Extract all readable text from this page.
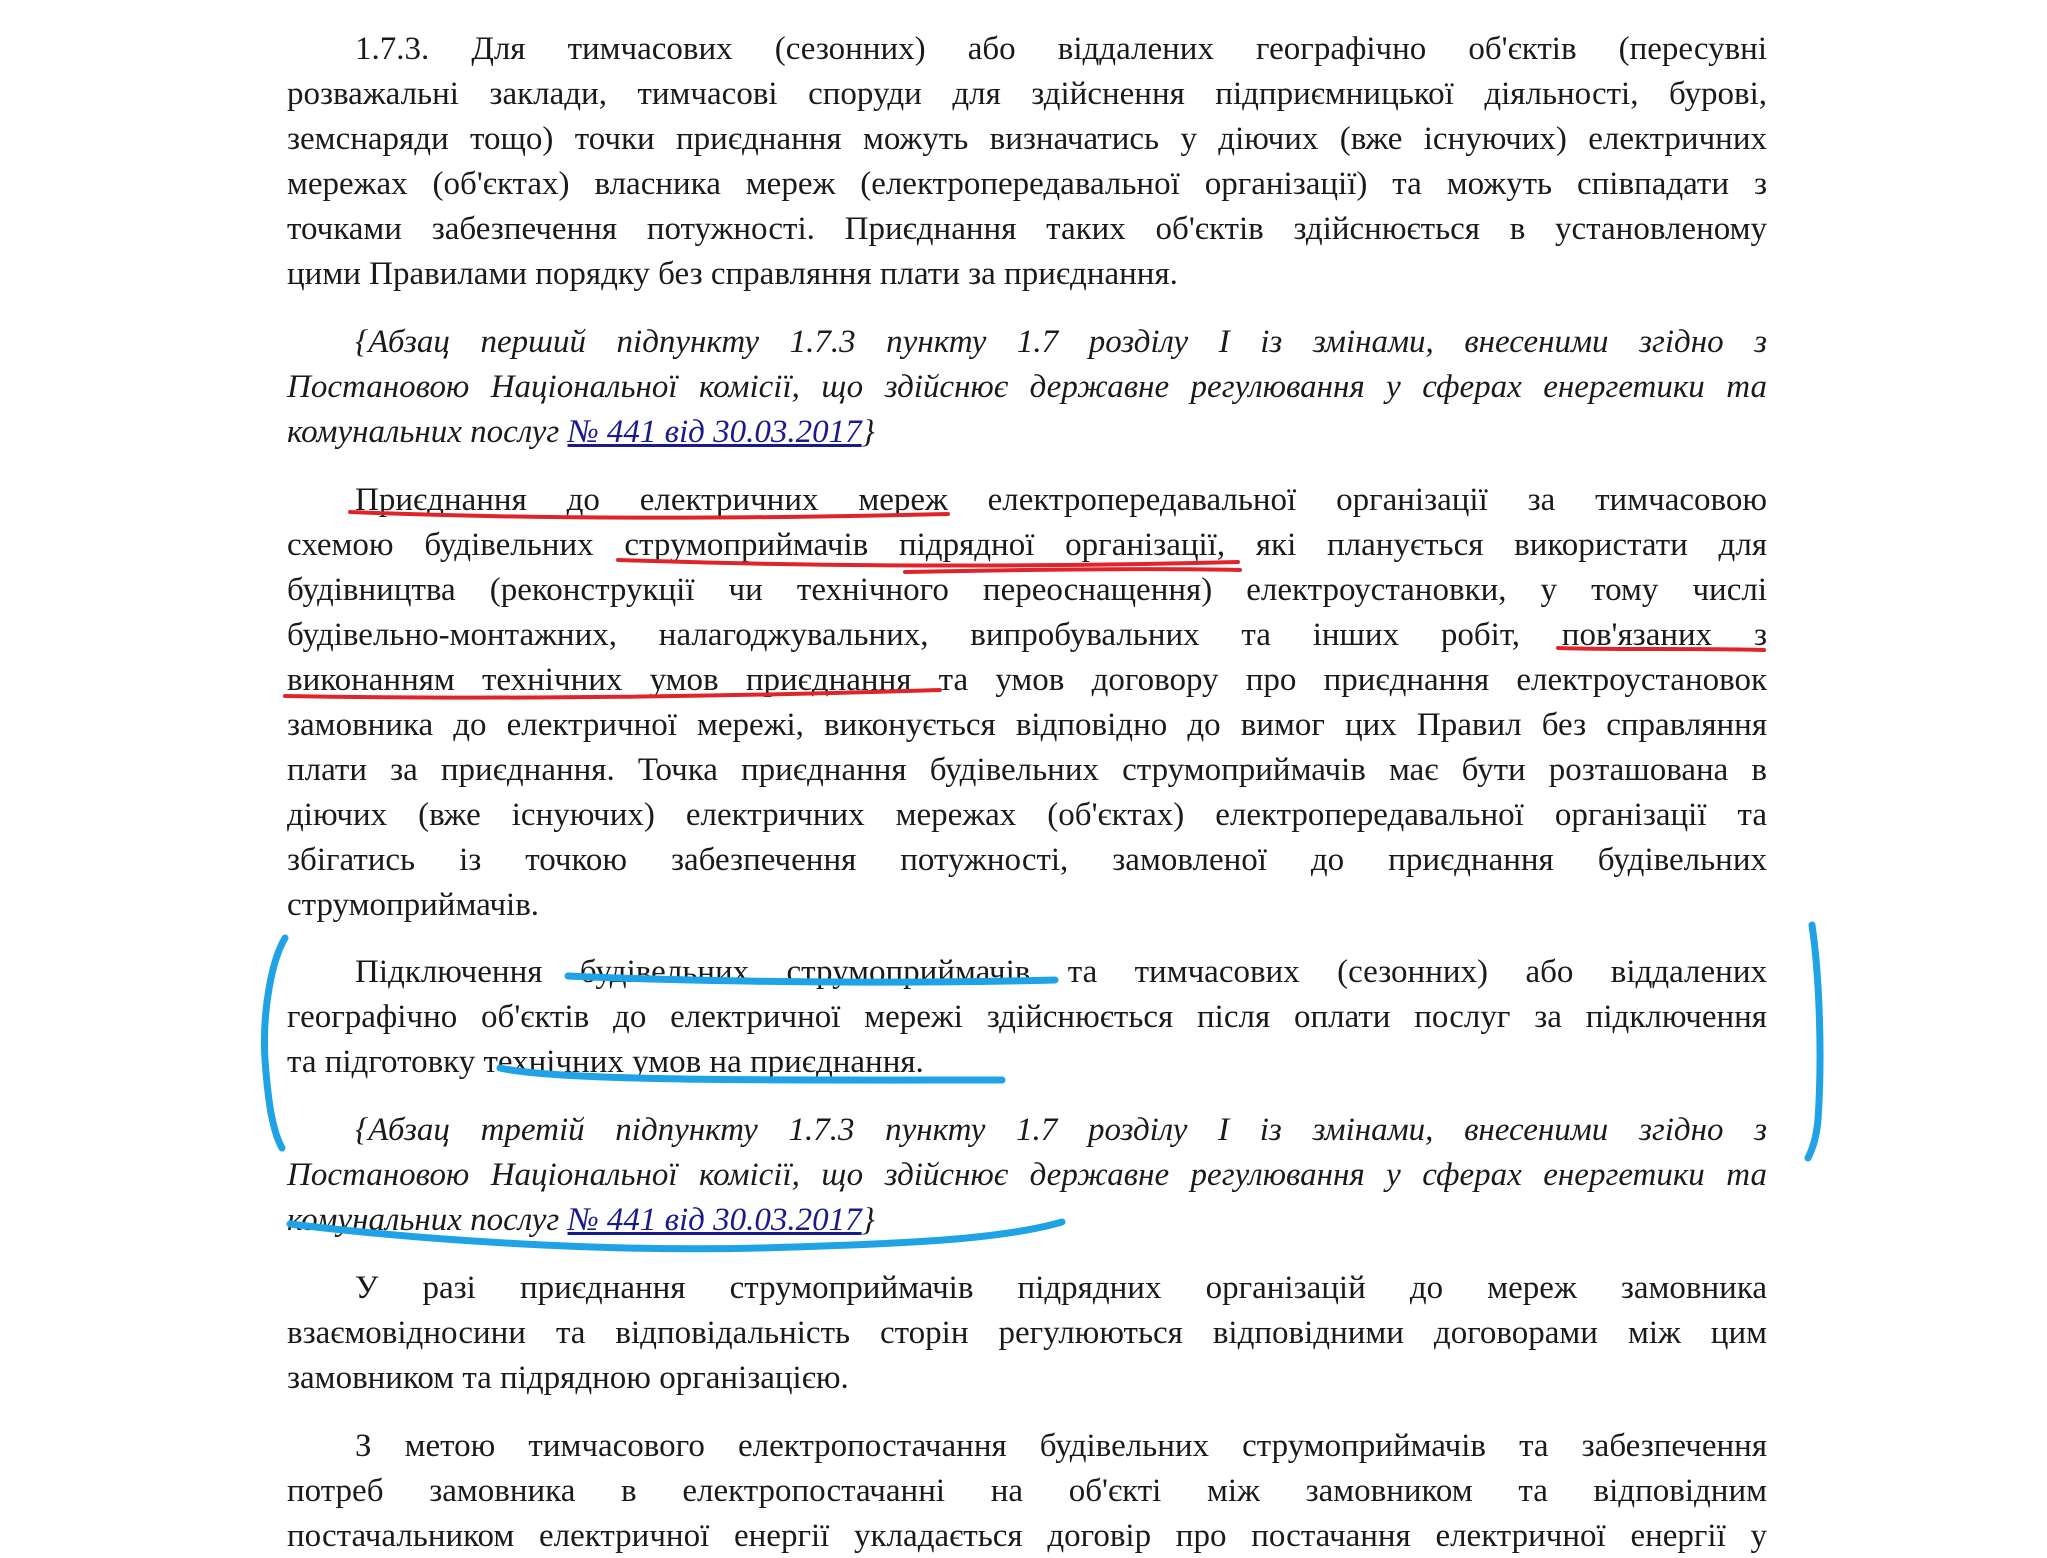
1.7.3. Для тимчасових (сезонних) або віддалених географічно об'єктів (пересувні
розважальні заклади, тимчасові споруди для здійснення підприємницької діяльності, бурові,
земснаряди тощо) точки приєднання можуть визначатись у діючих (вже існуючих) електричних
мережах (об'єктах) власника мереж (електропередавальної організації) та можуть співпадати з
точками забезпечення потужності. Приєднання таких об'єктів здійснюється в установленому
цими Правилами порядку без справляння плати за приєднання.
{Абзац перший підпункту 1.7.3 пункту 1.7 розділу I із змінами, внесеними згідно з
Постановою Національної комісії, що здійснює державне регулювання у сферах енергетики та
комунальних послуг № 441 від 30.03.2017}
Приєднання до електричних мереж електропередавальної організації за тимчасовою
схемою будівельних струмоприймачів підрядної організації, які планується використати для
будівництва (реконструкції чи технічного переоснащення) електроустановки, у тому числі
будівельно-монтажних, налагоджувальних, випробувальних та інших робіт, пов'язаних з
виконанням технічних умов приєднання та умов договору про приєднання електроустановок
замовника до електричної мережі, виконується відповідно до вимог цих Правил без справляння
плати за приєднання. Точка приєднання будівельних струмоприймачів має бути розташована в
діючих (вже існуючих) електричних мережах (об'єктах) електропередавальної організації та
збігатись із точкою забезпечення потужності, замовленої до приєднання будівельних
струмоприймачів.
Підключення будівельних струмоприймачів та тимчасових (сезонних) або віддалених
географічно об'єктів до електричної мережі здійснюється після оплати послуг за підключення
та підготовку технічних умов на приєднання.
{Абзац третій підпункту 1.7.3 пункту 1.7 розділу I із змінами, внесеними згідно з
Постановою Національної комісії, що здійснює державне регулювання у сферах енергетики та
комунальних послуг № 441 від 30.03.2017}
У разі приєднання струмоприймачів підрядних організацій до мереж замовника
взаємовідносини та відповідальність сторін регулюються відповідними договорами між цим
замовником та підрядною організацією.
З метою тимчасового електропостачання будівельних струмоприймачів та забезпечення
потреб замовника в електропостачанні на об'єкті між замовником та відповідним
постачальником електричної енергії укладається договір про постачання електричної енергії у
